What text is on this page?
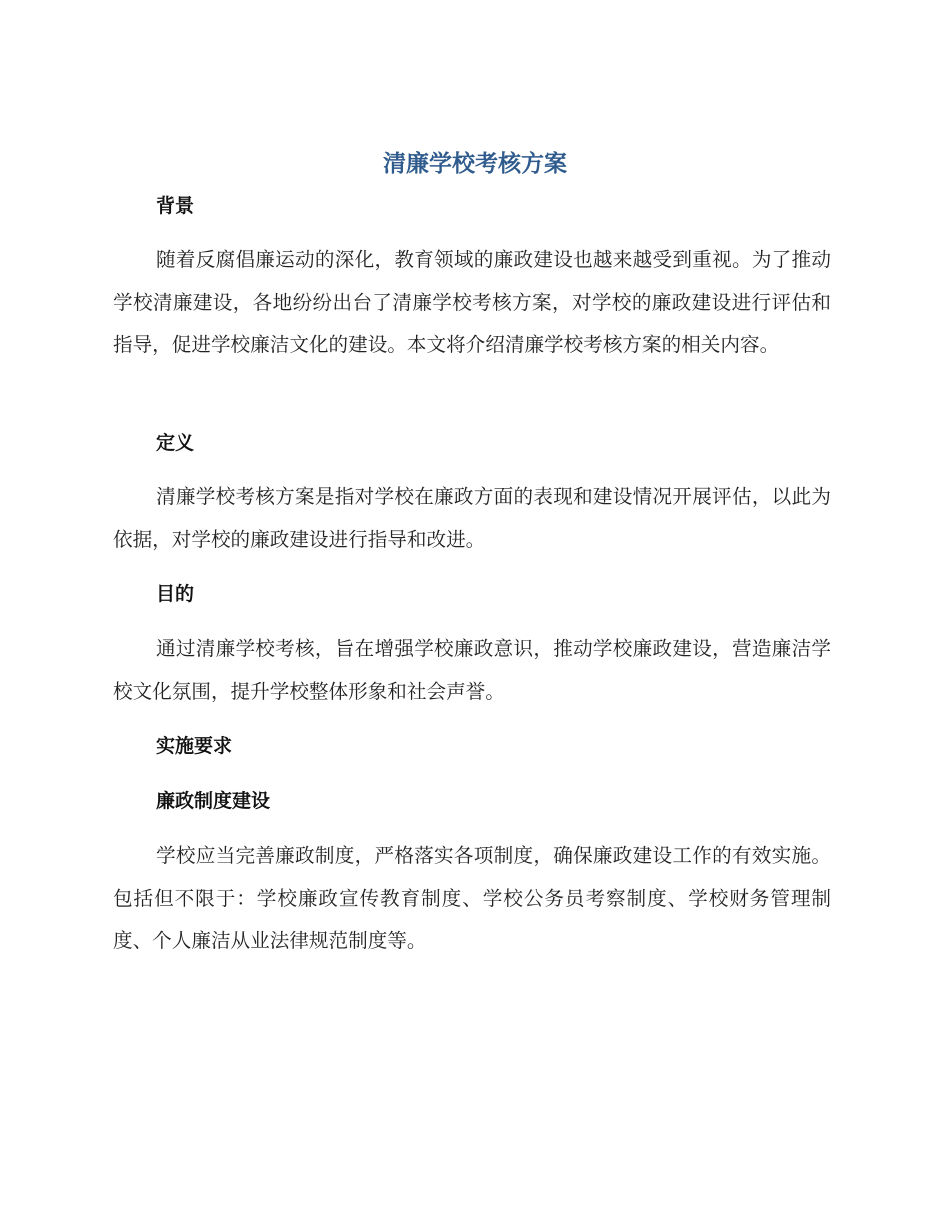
清廉学校考核方案
背景
随着反腐倡廉运动的深化，教育领域的廉政建设也越来越受到重视。为了推动学校清廉建设，各地纷纷出台了清廉学校考核方案，对学校的廉政建设进行评估和指导，促进学校廉洁文化的建设。本文将介绍清廉学校考核方案的相关内容。
定义
清廉学校考核方案是指对学校在廉政方面的表现和建设情况开展评估，以此为依据，对学校的廉政建设进行指导和改进。
目的
通过清廉学校考核，旨在增强学校廉政意识，推动学校廉政建设，营造廉洁学校文化氛围，提升学校整体形象和社会声誉。
实施要求
廉政制度建设
学校应当完善廉政制度，严格落实各项制度，确保廉政建设工作的有效实施。包括但不限于：学校廉政宣传教育制度、学校公务员考察制度、学校财务管理制度、个人廉洁从业法律规范制度等。
